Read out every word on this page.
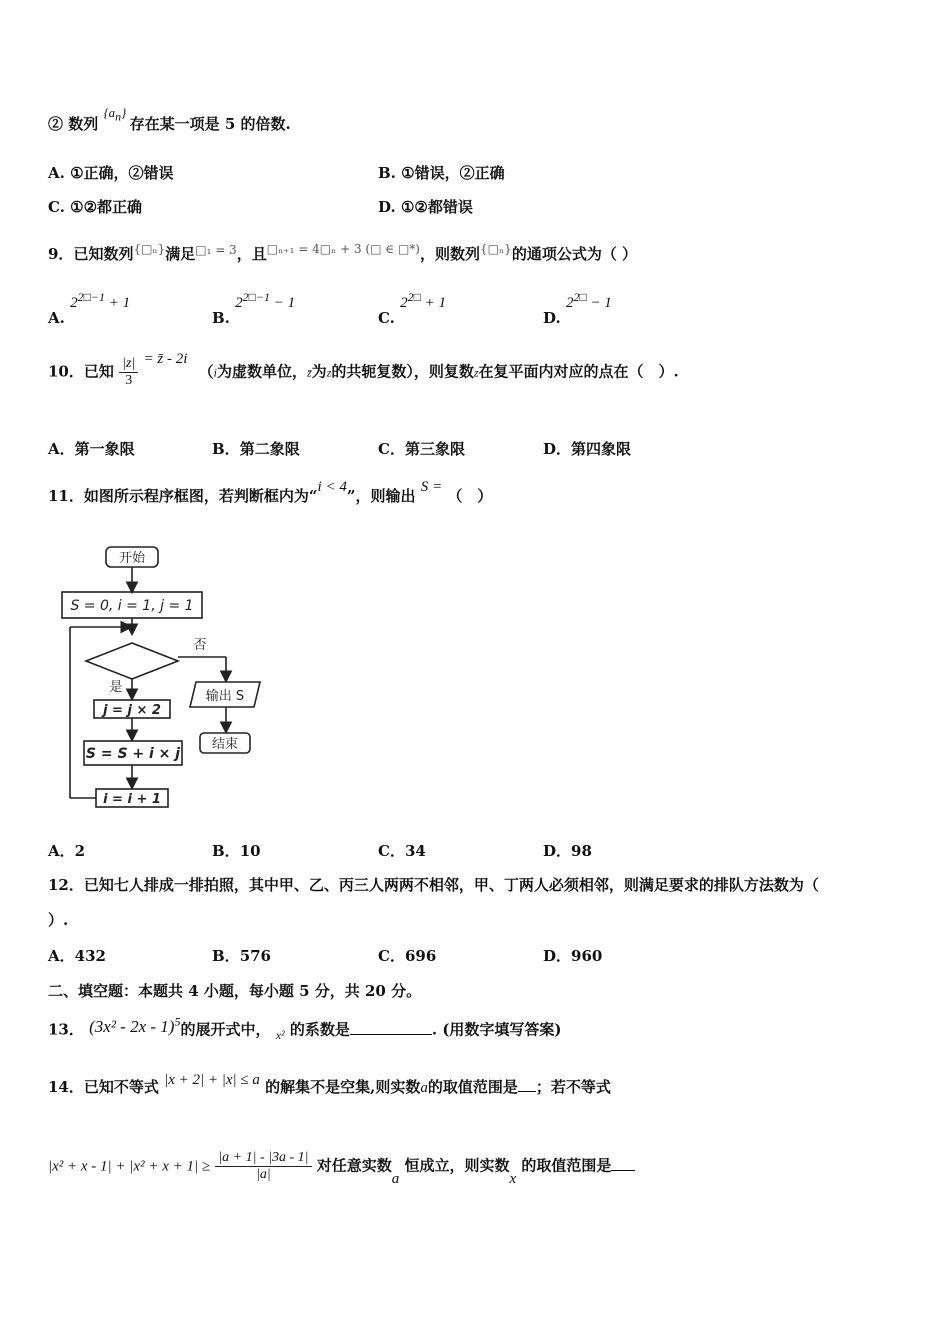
② 数列 $\{a_n\}$ 存在某一项是 5 的倍数.
A. ①正确，②错误	B. ①错误，②正确
C. ①②都正确	D. ①②都错误
9．已知数列$^{\{□_n\}}$满足$^{□_1 = 3}$，且$^{□_{n+1} = 4□_n + 3 (□ \in □*)}$，则数列$^{\{□_n\}}$的通项公式为（ ）
A. $2^{2□-1} + 1$
B. $2^{2□-1} - 1$
C. $2^{2□} + 1$
D. $2^{2□} - 1$
10．已知 $\frac{|z|}{3}$ = z̄ - 2i （i为虚数单位，z̄为z的共轭复数），则复数z在复平面内对应的点在（　）.
A．第一象限	B．第二象限	C．第三象限	D．第四象限
11．如图所示程序框图，若判断框内为“i < 4”，则输出 S = （　）
开始
S = 0, i = 1, j = 1
否
是
输出 S
结束
j = j × 2
S = S + i × j
i = i + 1
A．2	B．10	C．34	D．98
12．已知七人排成一排拍照，其中甲、乙、丙三人两两不相邻，甲、丁两人必须相邻，则满足要求的排队方法数为（
）.
A．432	B．576	C．696	D．960
二、填空题：本题共 4 小题，每小题 5 分，共 20 分。
13． (3x² - 2x - 1)$^5$的展开式中， $_{x^2}$ 的系数是	. (用数字填写答案)
14．已知不等式 |x + 2| + |x| ≤ a 的解集不是空集,则实数a的取值范围是 ；若不等式
$|x^2 + x - 1| + |x^2 + x + 1| \ge \frac{|a + 1| - |3a - 1|}{|a|}$ 对任意实数a 恒成立，则实数x 的取值范围是
